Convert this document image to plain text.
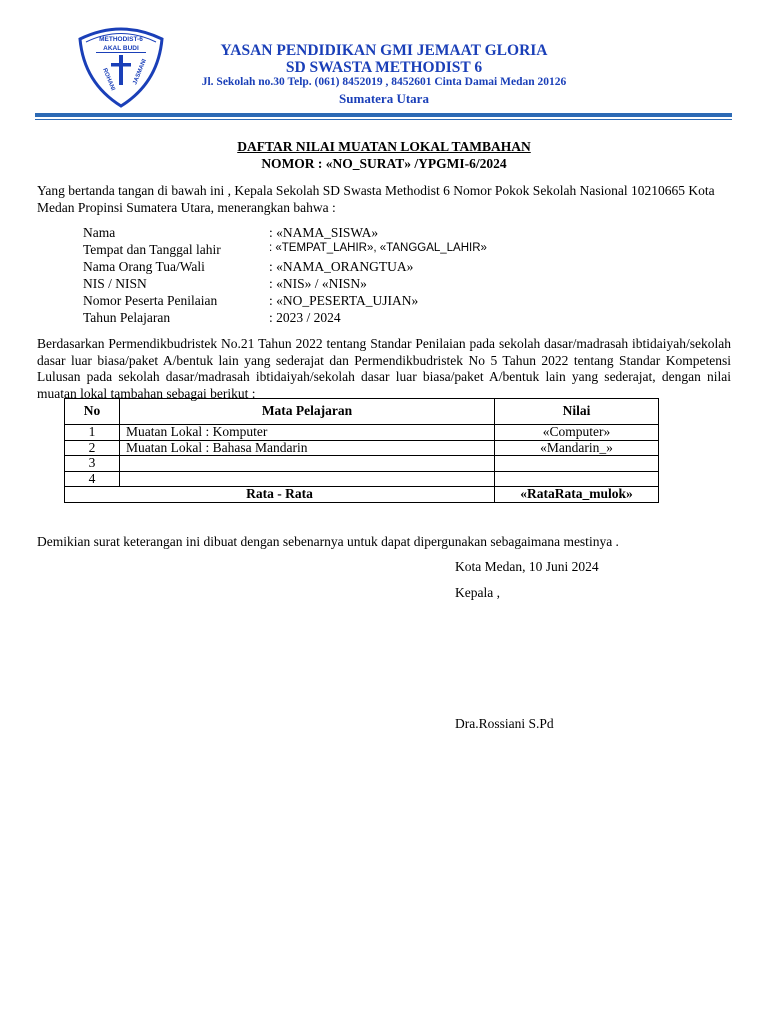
METHODIST-6
AKAL BUDI
ROHANI	JASMANI
YASAN PENDIDIKAN GMI JEMAAT GLORIA
SD SWASTA METHODIST 6
Jl. Sekolah no.30 Telp. (061) 8452019 , 8452601 Cinta Damai Medan 20126
Sumatera Utara
DAFTAR NILAI MUATAN LOKAL TAMBAHAN
NOMOR : «NO_SURAT» /YPGMI-6/2024
Yang bertanda tangan di bawah ini , Kepala Sekolah SD Swasta Methodist 6 Nomor Pokok Sekolah Nasional 10210665 Kota Medan Propinsi Sumatera Utara, menerangkan bahwa :
Nama	: «NAMA_SISWA»
Tempat dan Tanggal lahir	: «TEMPAT_LAHIR», «TANGGAL_LAHIR»
Nama Orang Tua/Wali	: «NAMA_ORANGTUA»
NIS / NISN	: «NIS» / «NISN»
Nomor Peserta Penilaian	: «NO_PESERTA_UJIAN»
Tahun Pelajaran	: 2023 / 2024
Berdasarkan Permendikbudristek No.21 Tahun 2022 tentang Standar Penilaian pada sekolah dasar/madrasah ibtidaiyah/sekolah dasar luar biasa/paket A/bentuk lain yang sederajat dan Permendikbudristek No 5 Tahun 2022 tentang Standar Kompetensi Lulusan pada sekolah dasar/madrasah ibtidaiyah/sekolah dasar luar biasa/paket A/bentuk lain yang sederajat, dengan nilai muatan lokal tambahan sebagai berikut :
No	Mata Pelajaran	Nilai
1	Muatan Lokal : Komputer	«Computer»
2	Muatan Lokal : Bahasa Mandarin	«Mandarin_»
3		
4		
Rata - Rata		«RataRata_mulok»
Demikian surat keterangan ini dibuat dengan sebenarnya untuk dapat dipergunakan sebagaimana mestinya .
Kota Medan, 10 Juni 2024
Kepala ,
Dra.Rossiani S.Pd
